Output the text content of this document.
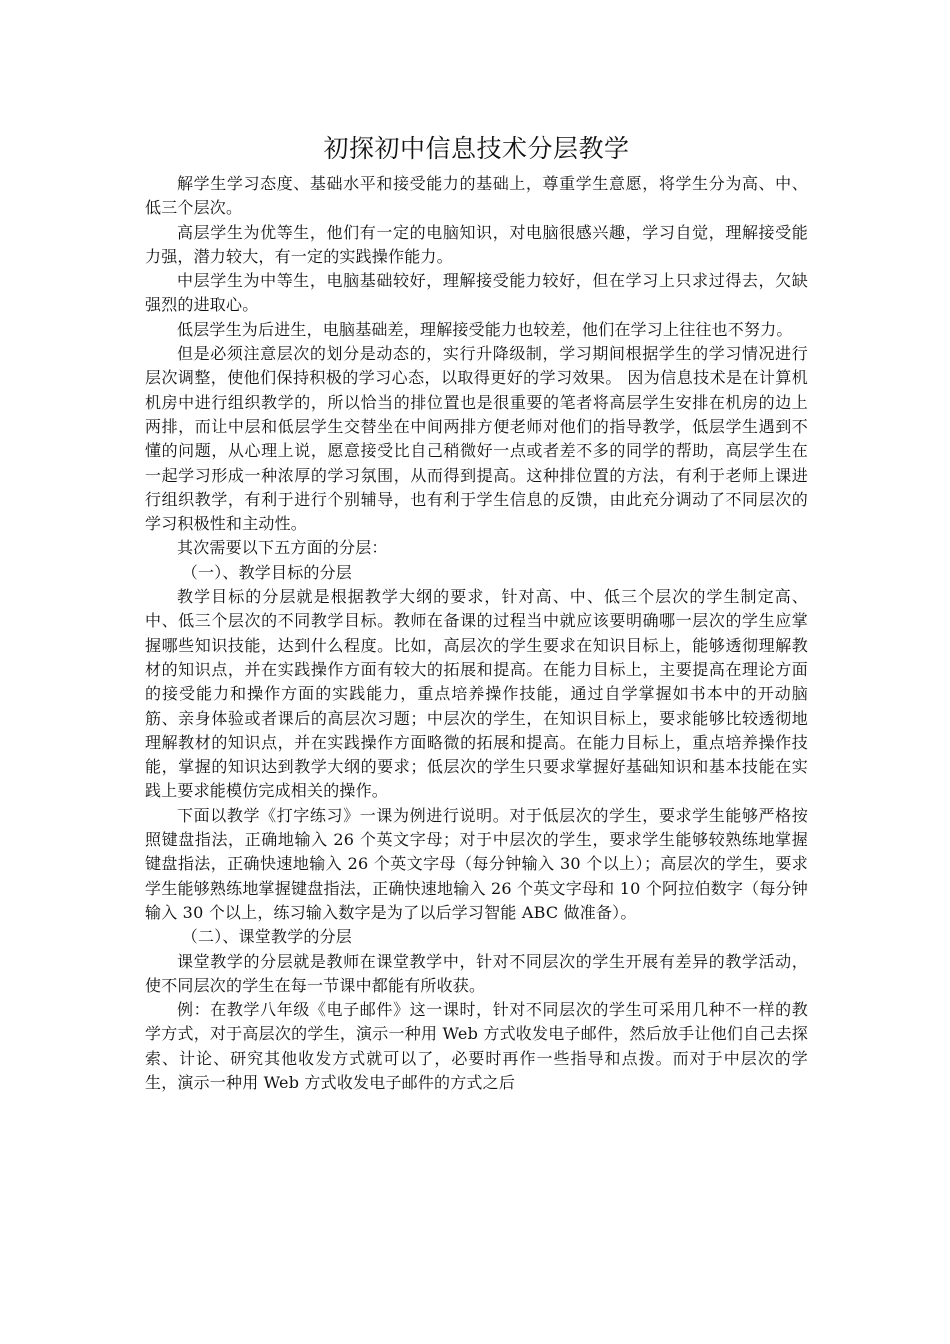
初探初中信息技术分层教学

解学生学习态度、基础水平和接受能力的基础上，尊重学生意愿，将学生分为高、中、低三个层次。

高层学生为优等生，他们有一定的电脑知识，对电脑很感兴趣，学习自觉，理解接受能力强，潜力较大，有一定的实践操作能力。

中层学生为中等生，电脑基础较好，理解接受能力较好，但在学习上只求过得去，欠缺强烈的进取心。

低层学生为后进生，电脑基础差，理解接受能力也较差，他们在学习上往往也不努力。

但是必须注意层次的划分是动态的，实行升降级制，学习期间根据学生的学习情况进行层次调整，使他们保持积极的学习心态，以取得更好的学习效果。 因为信息技术是在计算机机房中进行组织教学的，所以恰当的排位置也是很重要的笔者将高层学生安排在机房的边上两排，而让中层和低层学生交替坐在中间两排方便老师对他们的指导教学，低层学生遇到不懂的问题，从心理上说，愿意接受比自己稍微好一点或者差不多的同学的帮助，高层学生在一起学习形成一种浓厚的学习氛围，从而得到提高。这种排位置的方法，有利于老师上课进行组织教学，有利于进行个别辅导，也有利于学生信息的反馈，由此充分调动了不同层次的学习积极性和主动性。

其次需要以下五方面的分层：

（一）、教学目标的分层

教学目标的分层就是根据教学大纲的要求，针对高、中、低三个层次的学生制定高、中、低三个层次的不同教学目标。教师在备课的过程当中就应该要明确哪一层次的学生应掌握哪些知识技能，达到什么程度。比如，高层次的学生要求在知识目标上，能够透彻理解教材的知识点，并在实践操作方面有较大的拓展和提高。在能力目标上，主要提高在理论方面的接受能力和操作方面的实践能力，重点培养操作技能，通过自学掌握如书本中的开动脑筋、亲身体验或者课后的高层次习题；中层次的学生，在知识目标上，要求能够比较透彻地理解教材的知识点，并在实践操作方面略微的拓展和提高。在能力目标上，重点培养操作技能，掌握的知识达到教学大纲的要求；低层次的学生只要求掌握好基础知识和基本技能在实践上要求能模仿完成相关的操作。

下面以教学《打字练习》一课为例进行说明。对于低层次的学生，要求学生能够严格按照键盘指法，正确地输入 26 个英文字母；对于中层次的学生，要求学生能够较熟练地掌握键盘指法，正确快速地输入 26 个英文字母（每分钟输入 30 个以上）；高层次的学生，要求学生能够熟练地掌握键盘指法，正确快速地输入 26 个英文字母和 10 个阿拉伯数字（每分钟输入 30 个以上，练习输入数字是为了以后学习智能 ABC 做准备）。

（二）、课堂教学的分层

课堂教学的分层就是教师在课堂教学中，针对不同层次的学生开展有差异的教学活动，使不同层次的学生在每一节课中都能有所收获。

例：在教学八年级《电子邮件》这一课时，针对不同层次的学生可采用几种不一样的教学方式，对于高层次的学生，演示一种用 Web 方式收发电子邮件，然后放手让他们自己去探索、计论、研究其他收发方式就可以了，必要时再作一些指导和点拨。而对于中层次的学生，演示一种用 Web 方式收发电子邮件的方式之后
